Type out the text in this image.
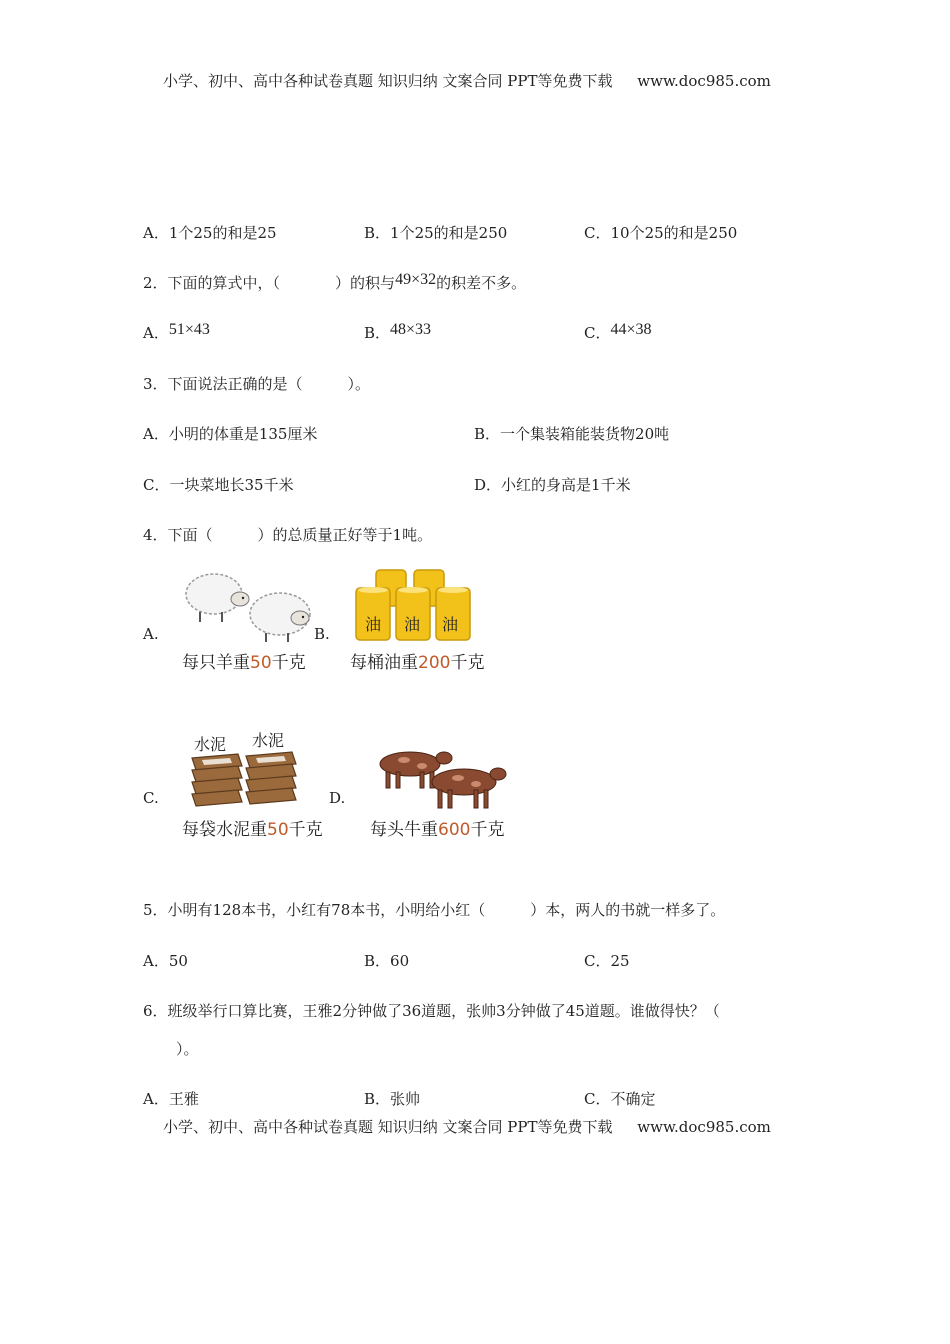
小学、初中、高中各种试卷真题 知识归纳 文案合同 PPT等免费下载 www.doc985.com
A．1个25的和是25	B．1个25的和是250	C．10个25的和是250
2．下面的算式中，（	）的积与49×32的积差不多。
A．51×43	B．48×33	C．44×38
3．下面说法正确的是（　　　）。
A．小明的体重是135厘米	B．一个集装箱能装货物20吨
C．一块菜地长35千米	D．小红的身高是1千米
4．下面（　　　）的总质量正好等于1吨。
A.
每只羊重50千克
B. 油 油 油
每桶油重200千克
C.
水泥 水泥
每袋水泥重50千克
D.
每头牛重600千克
5．小明有128本书，小红有78本书，小明给小红（　　　）本，两人的书就一样多了。
A．50	B．60	C．25
6．班级举行口算比赛，王雅2分钟做了36道题，张帅3分钟做了45道题。谁做得快？（
）。
A．王雅	B．张帅	C．不确定
小学、初中、高中各种试卷真题 知识归纳 文案合同 PPT等免费下载 www.doc985.com
